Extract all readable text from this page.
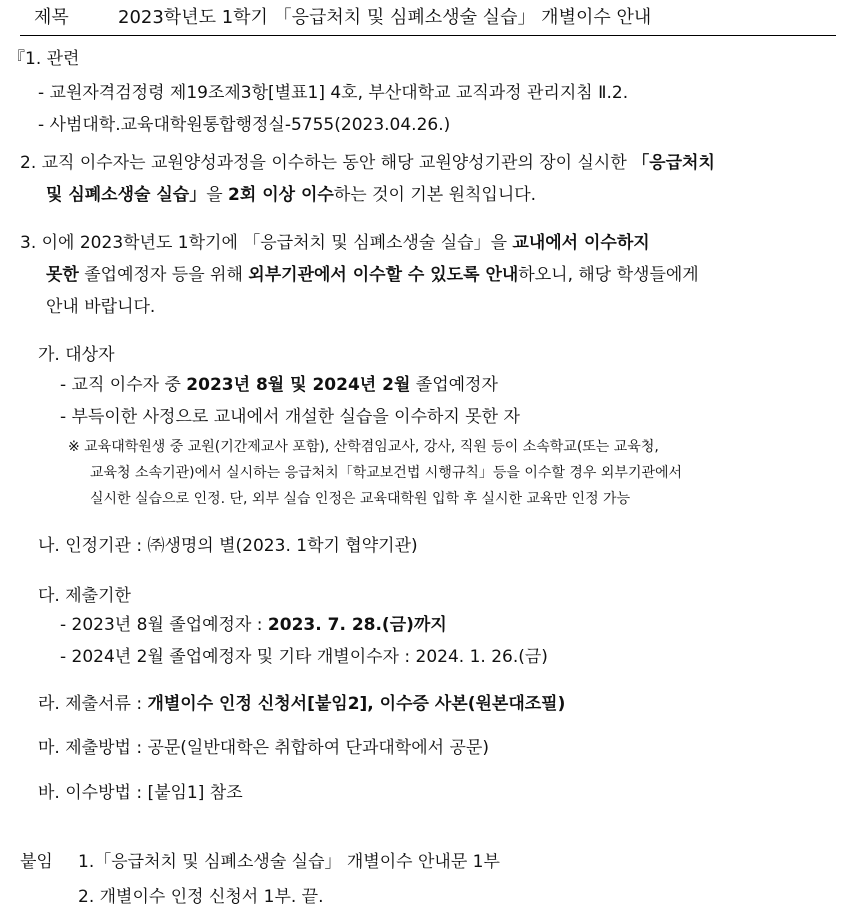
제목	2023학년도 1학기 「응급처치 및 심폐소생술 실습」 개별이수 안내
『1. 관련
- 교원자격검정령 제19조제3항[별표1] 4호, 부산대학교 교직과정 관리지침 Ⅱ.2.
- 사범대학.교육대학원통합행정실-5755(2023.04.26.)
2. 교직 이수자는 교원양성과정을 이수하는 동안 해당 교원양성기관의 장이 실시한 「응급처치
및 심폐소생술 실습」을 2회 이상 이수하는 것이 기본 원칙입니다.
3. 이에 2023학년도 1학기에 「응급처치 및 심폐소생술 실습」을 교내에서 이수하지
못한 졸업예정자 등을 위해 외부기관에서 이수할 수 있도록 안내하오니, 해당 학생들에게
안내 바랍니다.
가. 대상자
- 교직 이수자 중 2023년 8월 및 2024년 2월 졸업예정자
- 부득이한 사정으로 교내에서 개설한 실습을 이수하지 못한 자
※ 교육대학원생 중 교원(기간제교사 포함), 산학겸임교사, 강사, 직원 등이 소속학교(또는 교육청,
교육청 소속기관)에서 실시하는 응급처치「학교보건법 시행규칙」등을 이수할 경우 외부기관에서
실시한 실습으로 인정. 단, 외부 실습 인정은 교육대학원 입학 후 실시한 교육만 인정 가능
나. 인정기관 : ㈜생명의 별(2023. 1학기 협약기관)
다. 제출기한
- 2023년 8월 졸업예정자 : 2023. 7. 28.(금)까지
- 2024년 2월 졸업예정자 및 기타 개별이수자 : 2024. 1. 26.(금)
라. 제출서류 : 개별이수 인정 신청서[붙임2], 이수증 사본(원본대조필)
마. 제출방법 : 공문(일반대학은 취합하여 단과대학에서 공문)
바. 이수방법 : [붙임1] 참조
붙임 1.「응급처치 및 심폐소생술 실습」 개별이수 안내문 1부
2. 개별이수 인정 신청서 1부. 끝.
